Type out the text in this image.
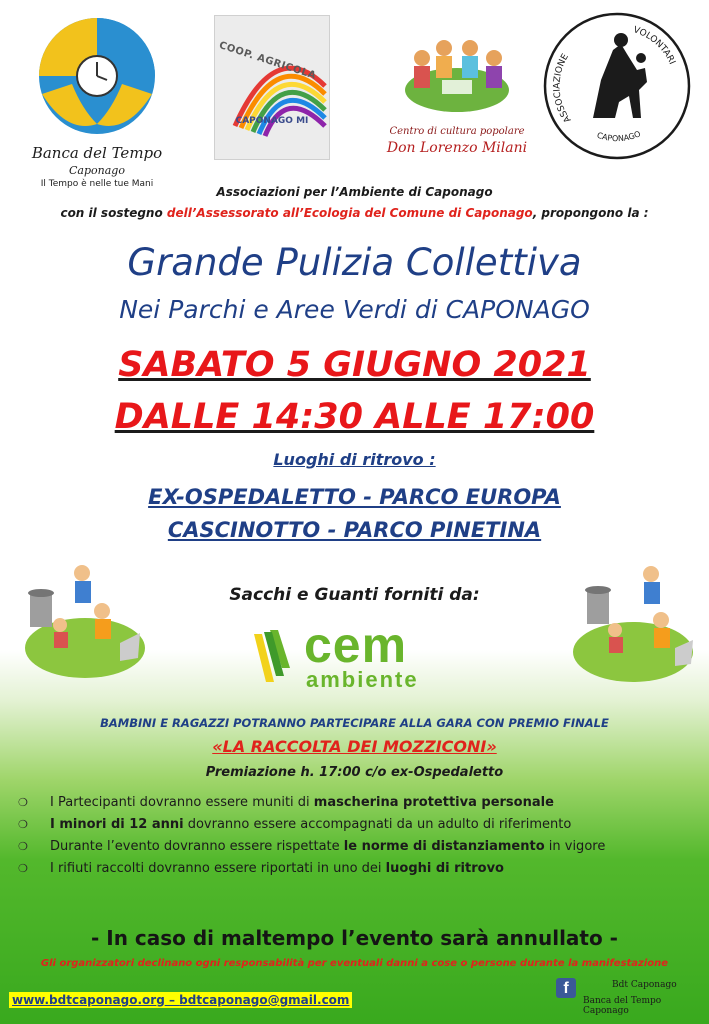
Banca del Tempo
Caponago
Il Tempo è nelle tue Mani
COOP. AGRICOLA
CAPONAGO MI
Centro di cultura popolare
Don Lorenzo Milani
ASSOCIAZIONE
VOLONTARI
CAPONAGO
Associazioni per l’Ambiente di Caponago
con il sostegno dell’Assessorato all’Ecologia del Comune di Caponago, propongono la :
Grande Pulizia Collettiva
Nei Parchi e Aree Verdi di CAPONAGO
SABATO 5 GIUGNO 2021
DALLE 14:30 ALLE 17:00
Luoghi di ritrovo :
EX-OSPEDALETTO - PARCO EUROPA
CASCINOTTO - PARCO PINETINA
Sacchi e Guanti forniti da:
cem
ambiente
BAMBINI E RAGAZZI POTRANNO PARTECIPARE ALLA GARA CON PREMIO FINALE
«LA RACCOLTA DEI MOZZICONI»
Premiazione h. 17:00 c/o ex-Ospedaletto
❍ I Partecipanti dovranno essere muniti di mascherina protettiva personale
❍ I minori di 12 anni dovranno essere accompagnati da un adulto di riferimento
❍ Durante l’evento dovranno essere rispettate le norme di distanziamento in vigore
❍ I rifiuti raccolti dovranno essere riportati in uno dei luoghi di ritrovo
- In caso di maltempo l’evento sarà annullato -
Gli organizzatori declinano ogni responsabilità per eventuali danni a cose o persone durante la manifestazione
www.bdtcaponago.org – bdtcaponago@gmail.com
f	Bdt Caponago
Banca del Tempo Caponago
